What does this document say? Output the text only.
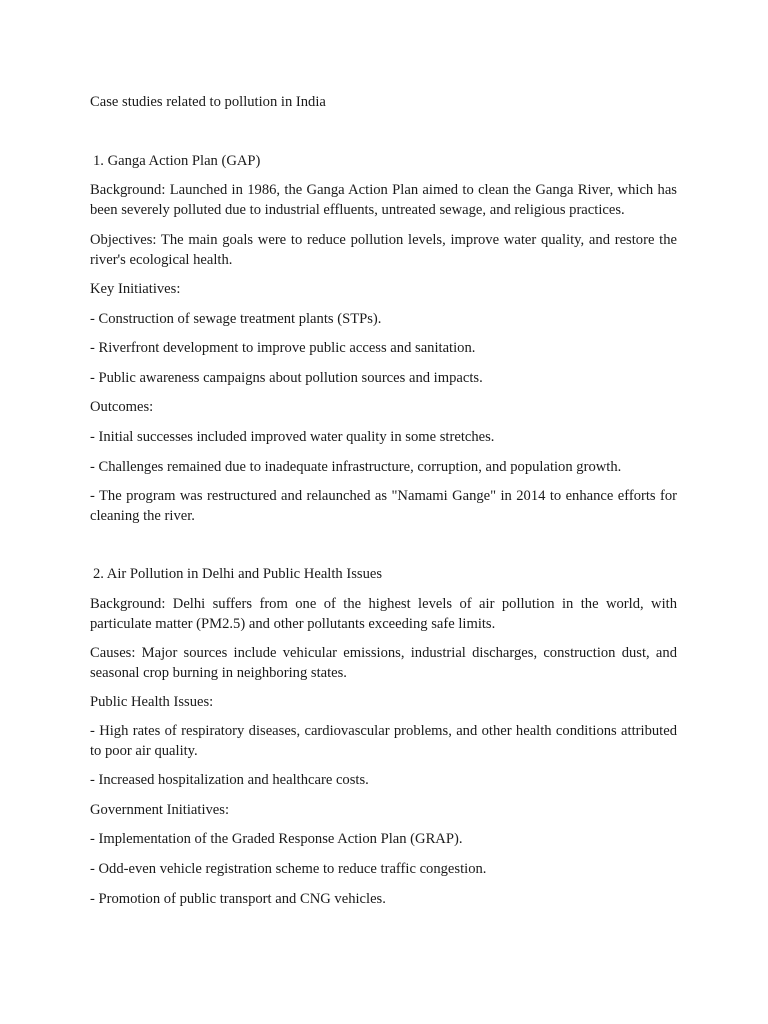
Case studies related to pollution in India

1. Ganga Action Plan (GAP)

Background: Launched in 1986, the Ganga Action Plan aimed to clean the Ganga River, which has been severely polluted due to industrial effluents, untreated sewage, and religious practices.

Objectives: The main goals were to reduce pollution levels, improve water quality, and restore the river's ecological health.

Key Initiatives:

- Construction of sewage treatment plants (STPs).

- Riverfront development to improve public access and sanitation.

- Public awareness campaigns about pollution sources and impacts.

Outcomes:

- Initial successes included improved water quality in some stretches.

- Challenges remained due to inadequate infrastructure, corruption, and population growth.

- The program was restructured and relaunched as "Namami Gange" in 2014 to enhance efforts for cleaning the river.

2. Air Pollution in Delhi and Public Health Issues

Background: Delhi suffers from one of the highest levels of air pollution in the world, with particulate matter (PM2.5) and other pollutants exceeding safe limits.

Causes: Major sources include vehicular emissions, industrial discharges, construction dust, and seasonal crop burning in neighboring states.

Public Health Issues:

- High rates of respiratory diseases, cardiovascular problems, and other health conditions attributed to poor air quality.

- Increased hospitalization and healthcare costs.

Government Initiatives:

- Implementation of the Graded Response Action Plan (GRAP).

- Odd-even vehicle registration scheme to reduce traffic congestion.

- Promotion of public transport and CNG vehicles.
